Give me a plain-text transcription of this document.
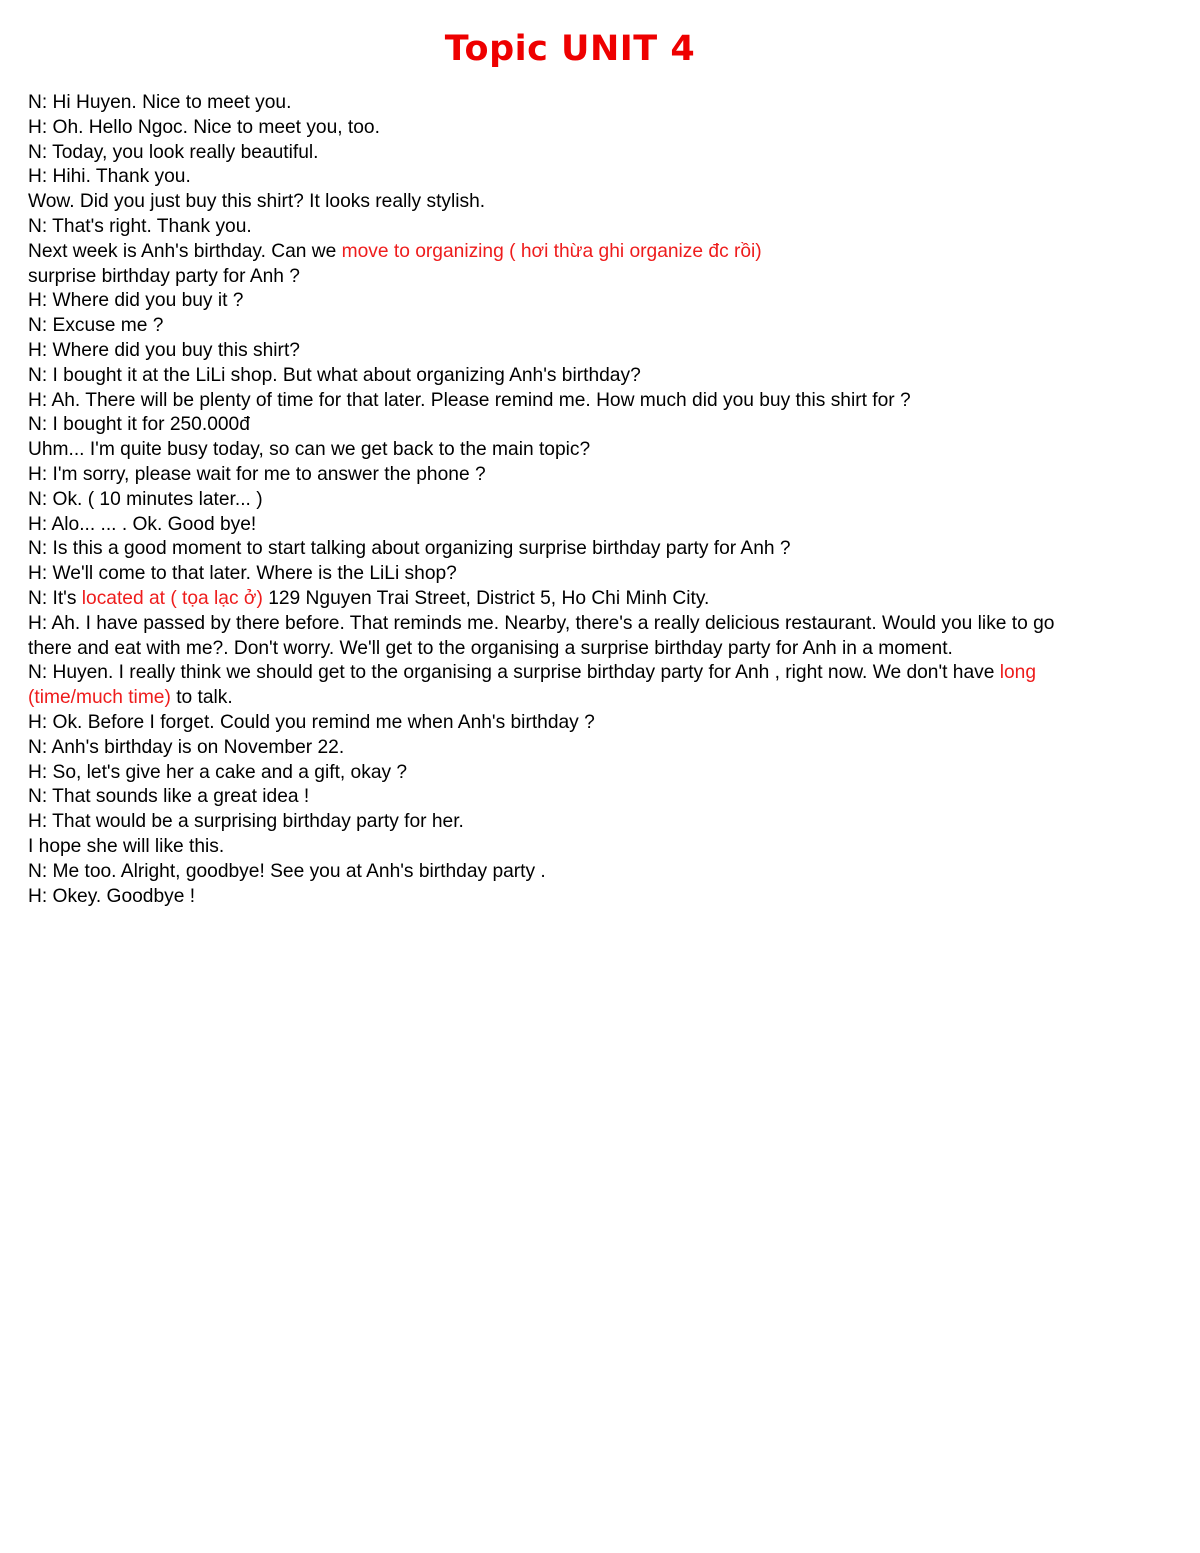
Topic UNIT 4
N: Hi Huyen. Nice to meet you.
H: Oh. Hello Ngoc. Nice to meet you, too.
N: Today, you look really beautiful.
H: Hihi. Thank you.
Wow. Did you just buy this shirt? It looks really stylish.
N: That's right. Thank you.
Next week is Anh's birthday. Can we move to organizing ( hơi thừa ghi organize đc rồi)
surprise birthday party for Anh ?
H: Where did you buy it ?
N: Excuse me ?
H: Where did you buy this shirt?
N: I bought it at the LiLi shop. But what about organizing Anh's birthday?
H: Ah. There will be plenty of time for that later. Please remind me. How much did you buy this shirt for ?
N: I bought it for 250.000đ
Uhm... I'm quite busy today, so can we get back to the main topic?
H: I'm sorry, please wait for me to answer the phone ?
N: Ok. ( 10 minutes later... )
H: Alo... ... . Ok. Good bye!
N: Is this a good moment to start talking about organizing surprise birthday party for Anh ?
H: We'll come to that later. Where is the LiLi shop?
N: It's located at ( tọa lạc ở) 129 Nguyen Trai Street, District 5, Ho Chi Minh City.
H: Ah. I have passed by there before. That reminds me. Nearby, there's a really delicious restaurant. Would you like to go
there and eat with me?. Don't worry. We'll get to the organising a surprise birthday party for Anh in a moment.
N: Huyen. I really think we should get to the organising a surprise birthday party for Anh , right now. We don't have long
(time/much time) to talk.
H: Ok. Before I forget. Could you remind me when Anh's birthday ?
N: Anh's birthday is on November 22.
H: So, let's give her a cake and a gift, okay ?
N: That sounds like a great idea !
H: That would be a surprising birthday party for her.
I hope she will like this.
N: Me too. Alright, goodbye! See you at Anh's birthday party .
H: Okey. Goodbye !
